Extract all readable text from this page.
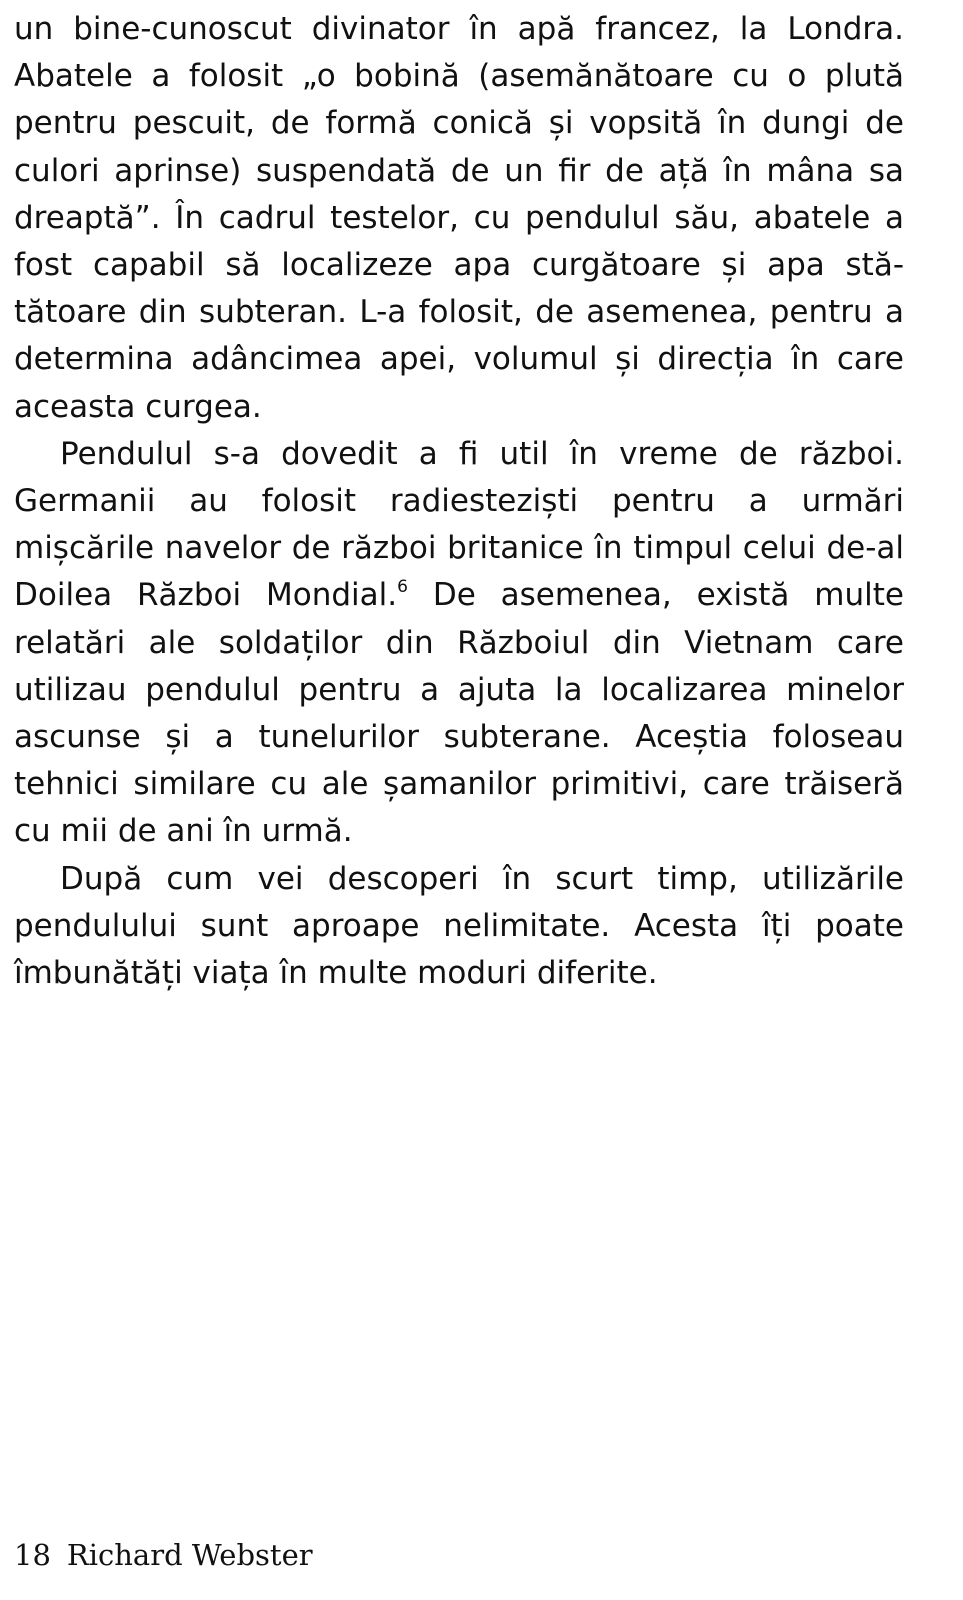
un bine-cunoscut divinator în apă francez, la Londra. Abatele a folosit „o bobină (asemănătoare cu o plută pentru pescuit, de formă conică și vopsită în dungi de culori aprinse) suspendată de un fir de ață în mâna sa dreaptă”. În cadrul testelor, cu pendulul său, abatele a fost capabil să localizeze apa curgătoare și apa stătătoare din subteran. L-a folosit, de asemenea, pentru a determina adâncimea apei, volumul și direcția în care aceasta curgea.

Pendulul s-a dovedit a fi util în vreme de război. Germanii au folosit radiesteziști pentru a urmări mișcările navelor de război britanice în timpul celui de-al Doilea Război Mondial.$^6$ De asemenea, există multe relatări ale soldaților din Războiul din Vietnam care utilizau pendulul pentru a ajuta la localizarea minelor ascunse și a tunelurilor subterane. Aceștia foloseau tehnici similare cu ale șamanilor primitivi, care trăiseră cu mii de ani în urmă.

După cum vei descoperi în scurt timp, utilizările pendulului sunt aproape nelimitate. Acesta îți poate îmbunătăți viața în multe moduri diferite.

18 Richard Webster
